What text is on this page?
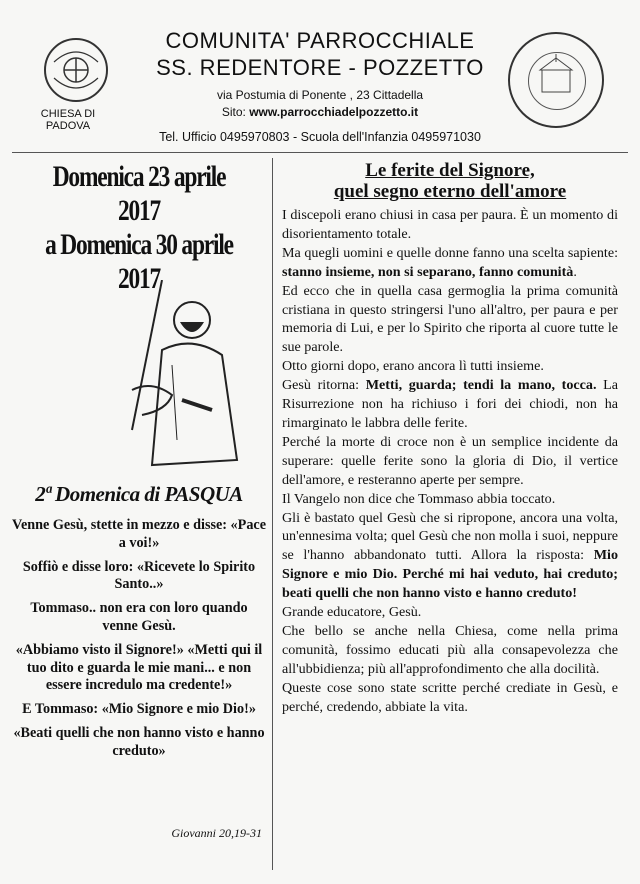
CHIESA DI PADOVA
COMUNITA' PARROCCHIALE
SS. REDENTORE - POZZETTO
via Postumia di Ponente , 23 Cittadella
Sito: www.parrocchiadelpozzetto.it
Tel. Ufficio 0495970803 - Scuola dell'Infanzia 0495971030
Domenica 23 aprile 2017
a Domenica 30 aprile 2017
2ª Domenica di PASQUA

Venne Gesù, stette in mezzo e disse: «Pace a voi!»

Soffiò e disse loro: «Ricevete lo Spirito Santo..»

Tommaso.. non era con loro quando venne Gesù.

«Abbiamo visto il Signore!» «Metti qui il tuo dito e guarda le mie mani... e non essere incredulo ma credente!»

E Tommaso: «Mio Signore e mio Dio!»

«Beati quelli che non hanno visto e hanno creduto»

Giovanni 20,19-31
Le ferite del Signore,
quel segno eterno dell'amore

I discepoli erano chiusi in casa per paura. È un momento di disorientamento totale.

Ma quegli uomini e quelle donne fanno una scelta sapiente: stanno insieme, non si separano, fanno comunità.

Ed ecco che in quella casa germoglia la prima comunità cristiana in questo stringersi l'uno all'altro, per paura e per memoria di Lui, e per lo Spirito che riporta al cuore tutte le sue parole.

Otto giorni dopo, erano ancora lì tutti insieme.

Gesù ritorna: Metti, guarda; tendi la mano, tocca. La Risurrezione non ha richiuso i fori dei chiodi, non ha rimarginato le labbra delle ferite.

Perché la morte di croce non è un semplice incidente da superare: quelle ferite sono la gloria di Dio, il vertice dell'amore, e resteranno aperte per sempre.

Il Vangelo non dice che Tommaso abbia toccato.

Gli è bastato quel Gesù che si ripropone, ancora una volta, un'ennesima volta; quel Gesù che non molla i suoi, neppure se l'hanno abbandonato tutti. Allora la risposta: Mio Signore e mio Dio. Perché mi hai veduto, hai creduto; beati quelli che non hanno visto e hanno creduto!

Grande educatore, Gesù.

Che bello se anche nella Chiesa, come nella prima comunità, fossimo educati più alla consapevolezza che all'ubbidienza; più all'approfondimento che alla docilità.

Queste cose sono state scritte perché crediate in Gesù, e perché, credendo, abbiate la vita.
